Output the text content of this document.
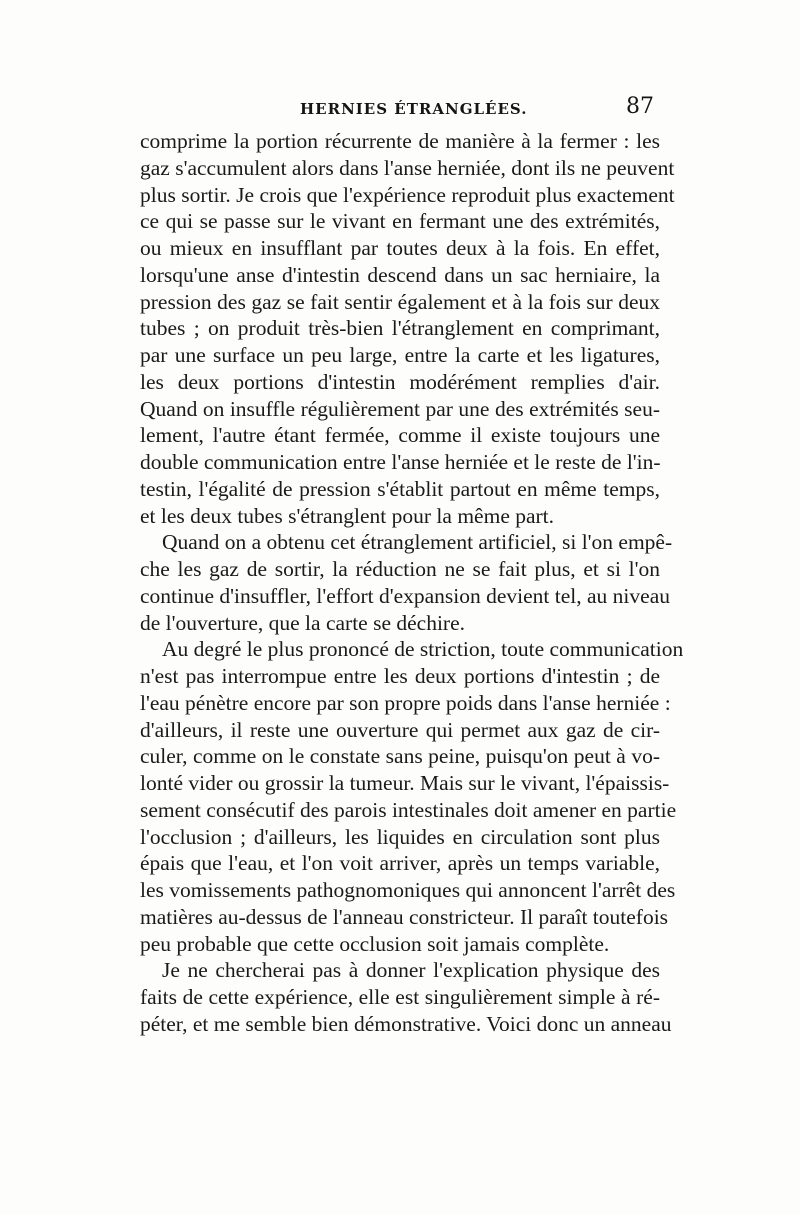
HERNIES ÉTRANGLÉES.	87
comprime la portion récurrente de manière à la fermer : les
gaz s'accumulent alors dans l'anse herniée, dont ils ne peuvent
plus sortir. Je crois que l'expérience reproduit plus exactement
ce qui se passe sur le vivant en fermant une des extrémités,
ou mieux en insufflant par toutes deux à la fois. En effet,
lorsqu'une anse d'intestin descend dans un sac herniaire, la
pression des gaz se fait sentir également et à la fois sur deux
tubes ; on produit très-bien l'étranglement en comprimant,
par une surface un peu large, entre la carte et les ligatures,
les deux portions d'intestin modérément remplies d'air.
Quand on insuffle régulièrement par une des extrémités seu-
lement, l'autre étant fermée, comme il existe toujours une
double communication entre l'anse herniée et le reste de l'in-
testin, l'égalité de pression s'établit partout en même temps,
et les deux tubes s'étranglent pour la même part.
Quand on a obtenu cet étranglement artificiel, si l'on empê-
che les gaz de sortir, la réduction ne se fait plus, et si l'on
continue d'insuffler, l'effort d'expansion devient tel, au niveau
de l'ouverture, que la carte se déchire.
Au degré le plus prononcé de striction, toute communication
n'est pas interrompue entre les deux portions d'intestin ; de
l'eau pénètre encore par son propre poids dans l'anse herniée :
d'ailleurs, il reste une ouverture qui permet aux gaz de cir-
culer, comme on le constate sans peine, puisqu'on peut à vo-
lonté vider ou grossir la tumeur. Mais sur le vivant, l'épaissis-
sement consécutif des parois intestinales doit amener en partie
l'occlusion ; d'ailleurs, les liquides en circulation sont plus
épais que l'eau, et l'on voit arriver, après un temps variable,
les vomissements pathognomoniques qui annoncent l'arrêt des
matières au-dessus de l'anneau constricteur. Il paraît toutefois
peu probable que cette occlusion soit jamais complète.
Je ne chercherai pas à donner l'explication physique des
faits de cette expérience, elle est singulièrement simple à ré-
péter, et me semble bien démonstrative. Voici donc un anneau
